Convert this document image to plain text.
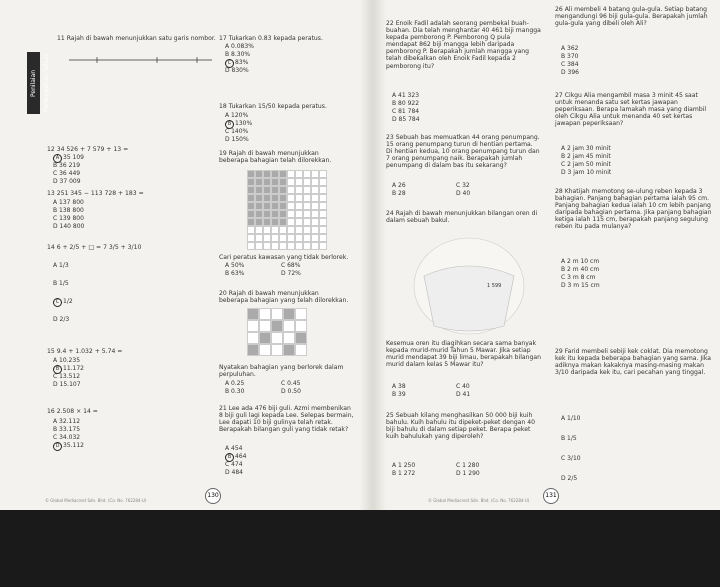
Penilaian Pertengahan Tahun
11 Rajah di bawah menunjukkan satu garis nombor.
12 34 526 + 7 579 + 13 =
A 35 109
B 36 219
C 36 449
D 37 009
13 251 345 − 113 728 + 183 =
A 137 800
B 138 800
C 139 800
D 140 800
14 6 + 2/5 + □ = 7 3/5 + 3/10
A 1/3
B 1/5
C 1/2
D 2/3
15 9.4 + 1.032 + 5.74 =
A 10.235
B 11.172
C 13.512
D 15.107
16 2.508 × 14 =
A 32.112
B 33.175
C 34.032
D 35.112
17 Tukarkan 0.83 kepada peratus.
A 0.083%
B 8.30%
C 83%
D 830%
18 Tukarkan 15/50 kepada peratus.
A 120%
B 130%
C 140%
D 150%
19 Rajah di bawah menunjukkan beberapa bahagian telah dilorekkan.
Cari peratus kawasan yang tidak berlorek.
A 50%	C 68%
B 63%	D 72%
20 Rajah di bawah menunjukkan beberapa bahagian yang telah dilorekkan.
Nyatakan bahagian yang berlorek dalam perpuluhan.
A 0.25	C 0.45
B 0.30	D 0.50
21 Lee ada 476 biji guli. Azmi membenikan 8 biji guli lagi kepada Lee. Selepas bermain, Lee dapati 10 biji gulinya telah retak. Berapakah bilangan guli yang tidak retak?
A 454
B 464
C 474
D 484
22 Enoik Fadil adalah seorang pembekal buah-buahan. Dia telah menghantar 40 461 biji mangga kepada pemborong P. Pemborong Q pula mendapat 862 biji mangga lebih daripada pemborong P. Berapakah jumlah mangga yang telah dibekalkan oleh Enoik Fadil kepada 2 pemborong itu?
A 41 323
B 80 922
C 81 784
D 85 784
23 Sebuah bas memuatkan 44 orang penumpang. 15 orang penumpang turun di hentian pertama. Di hentian kedua, 10 orang penumpang turun dan 7 orang penumpang naik. Berapakah jumlah penumpang di dalam bas itu sekarang?
A 26	C 32
B 28	D 40
24 Rajah di bawah menunjukkan bilangan oren di dalam sebuah bakul.
1 599
Kesemua oren itu diagihkan secara sama banyak kepada murid-murid Tahun 5 Mawar. Jika setiap murid mendapat 39 biji limau, berapakah bilangan murid dalam kelas 5 Mawar itu?
A 38	C 40
B 39	D 41
25 Sebuah kilang menghasilkan 50 000 biji kuih bahulu. Kuih bahulu itu dipeket-peket dengan 40 biji bahulu di dalam setiap peket. Berapa peket kuih bahulukah yang diperoleh?
A 1 250	C 1 280
B 1 272	D 1 290
26 Ali membeli 4 batang gula-gula. Setiap batang mengandungi 96 biji gula-gula. Berapakah jumlah gula-gula yang dibeli oleh Ali?
A 362
B 370
C 384
D 396
27 Cikgu Alia mengambil masa 3 minit 45 saat untuk menanda satu set kertas jawapan peperiksaan. Berapa lamakah masa yang diambil oleh Cikgu Alia untuk menanda 40 set kertas jawapan peperiksaan?
A 2 jam 30 minit
B 2 jam 45 minit
C 2 jam 50 minit
D 3 jam 10 minit
28 Khatijah memotong se-ulung reben kepada 3 bahagian. Panjang bahagian pertama ialah 95 cm. Panjang bahagian kedua ialah 10 cm lebih panjang daripada bahagian pertama. Jika panjang bahagian ketiga ialah 115 cm, berapakah panjang segulung reben itu pada mulanya?
A 2 m 10 cm
B 2 m 40 cm
C 3 m 8 cm
D 3 m 15 cm
29 Farid membeli sebiji kek coklat. Dia memotong kek itu kepada beberapa bahagian yang sama. Jika adiknya makan kakaknya masing-masing makan 3/10 daripada kek itu, cari pecahan yang tinggal.
A 1/10
B 1/5
C 3/10
D 2/5
130	131
© Global Mediacrest Sdn. Bhd. (Co. No. 762284-U)	© Global Mediacrest Sdn. Bhd. (Co. No. 762284-U)
